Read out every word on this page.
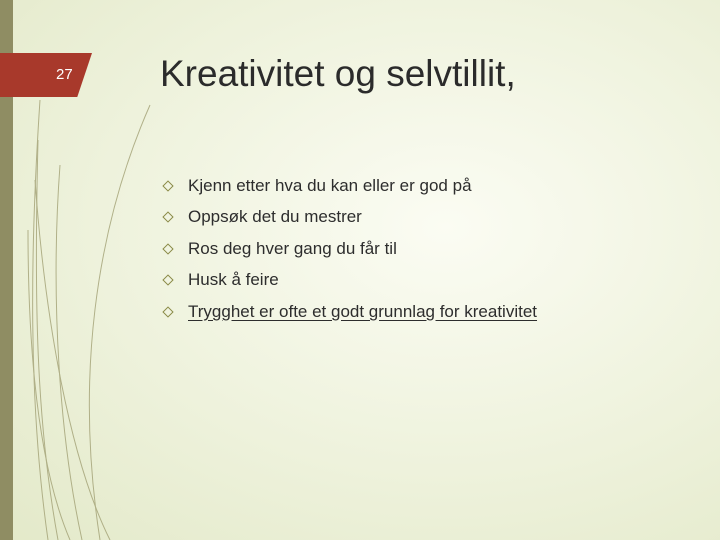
27 Kreativitet og selvtillit,
Kjenn etter hva du kan eller er god på
Oppsøk det du mestrer
Ros deg hver gang du får til
Husk å feire
Trygghet er ofte et godt grunnlag for kreativitet
